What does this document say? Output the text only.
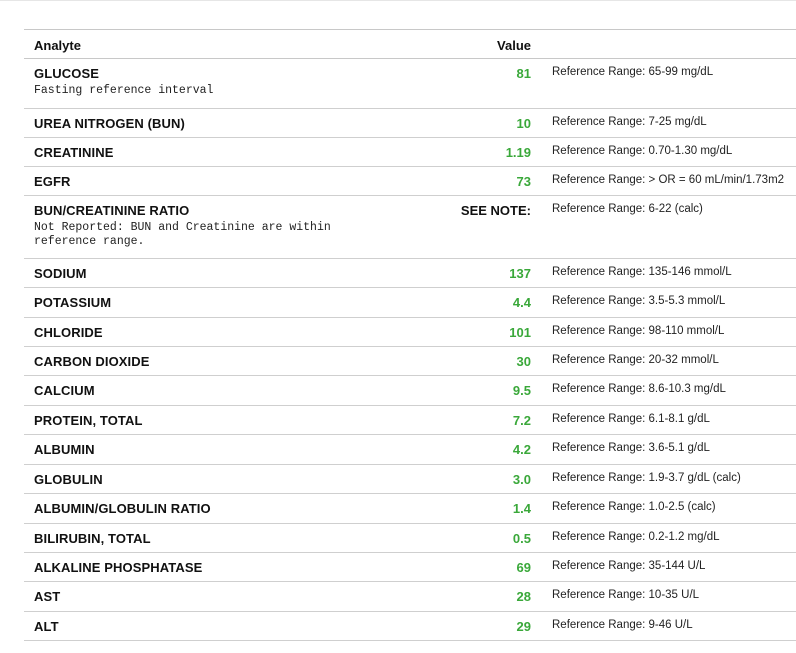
Analyte	Value
GLUCOSE	81 Reference Range: 65-99 mg/dL
Fasting reference interval
UREA NITROGEN (BUN)	10 Reference Range: 7-25 mg/dL
CREATININE	1.19 Reference Range: 0.70-1.30 mg/dL
EGFR	73 Reference Range: > OR = 60 mL/min/1.73m2
BUN/CREATININE RATIO	SEE NOTE: Reference Range: 6-22 (calc)
Not Reported: BUN and Creatinine are within
reference range.
SODIUM	137 Reference Range: 135-146 mmol/L
POTASSIUM	4.4 Reference Range: 3.5-5.3 mmol/L
CHLORIDE	101 Reference Range: 98-110 mmol/L
CARBON DIOXIDE	30 Reference Range: 20-32 mmol/L
CALCIUM	9.5 Reference Range: 8.6-10.3 mg/dL
PROTEIN, TOTAL	7.2 Reference Range: 6.1-8.1 g/dL
ALBUMIN	4.2 Reference Range: 3.6-5.1 g/dL
GLOBULIN	3.0 Reference Range: 1.9-3.7 g/dL (calc)
ALBUMIN/GLOBULIN RATIO	1.4 Reference Range: 1.0-2.5 (calc)
BILIRUBIN, TOTAL	0.5 Reference Range: 0.2-1.2 mg/dL
ALKALINE PHOSPHATASE	69 Reference Range: 35-144 U/L
AST	28 Reference Range: 10-35 U/L
ALT	29 Reference Range: 9-46 U/L
